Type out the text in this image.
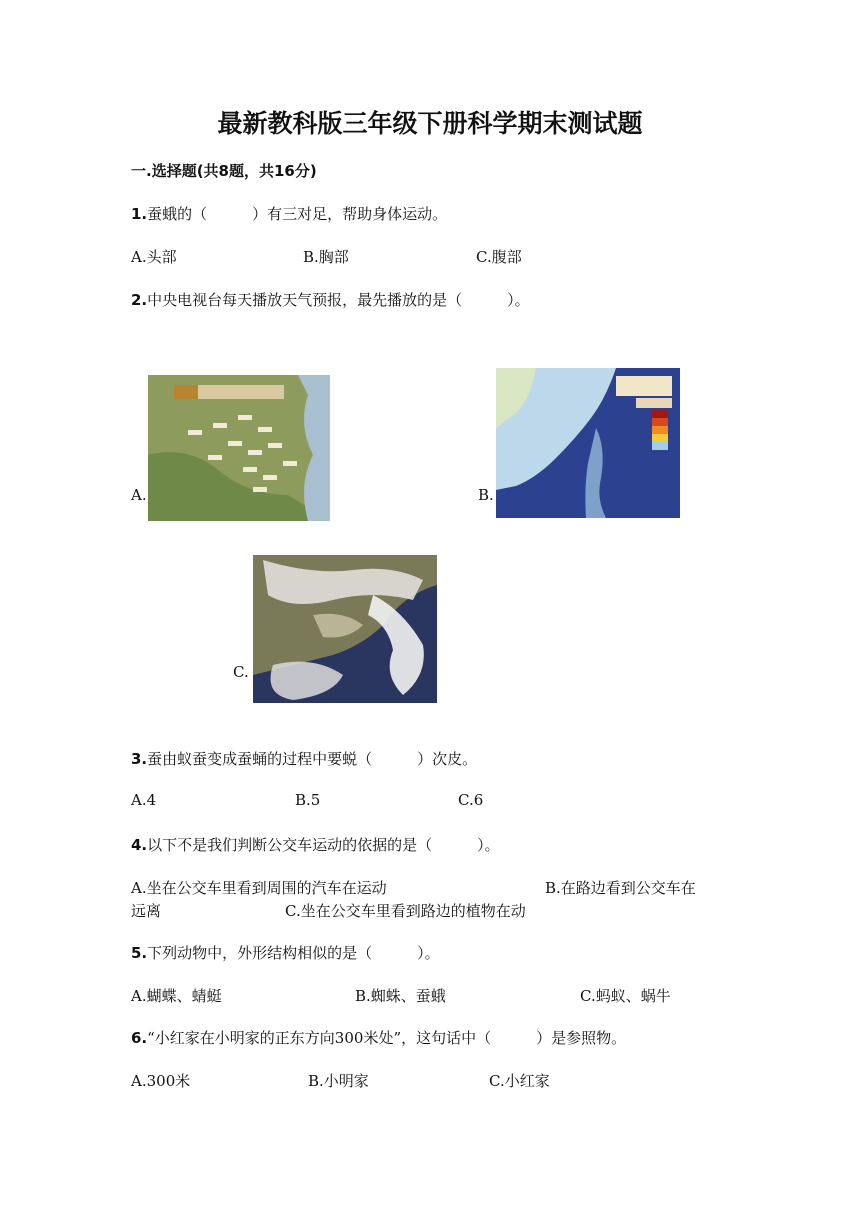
最新教科版三年级下册科学期末测试题
一.选择题(共8题，共16分)
1.蚕蛾的（　　　）有三对足，帮助身体运动。
A.头部	B.胸部	C.腹部
2.中央电视台每天播放天气预报，最先播放的是（　　　）。
A.	B.
C.
3.蚕由蚁蚕变成蚕蛹的过程中要蜕（　　　）次皮。
A.4	B.5	C.6
4.以下不是我们判断公交车运动的依据的是（　　　）。
A.坐在公交车里看到周围的汽车在运动	B.在路边看到公交车在
远离	C.坐在公交车里看到路边的植物在动
5.下列动物中，外形结构相似的是（　　　）。
A.蝴蝶、蜻蜓	B.蜘蛛、蚕蛾	C.蚂蚁、蜗牛
6.“小红家在小明家的正东方向300米处”，这句话中（　　　）是参照物。
A.300米	B.小明家	C.小红家
